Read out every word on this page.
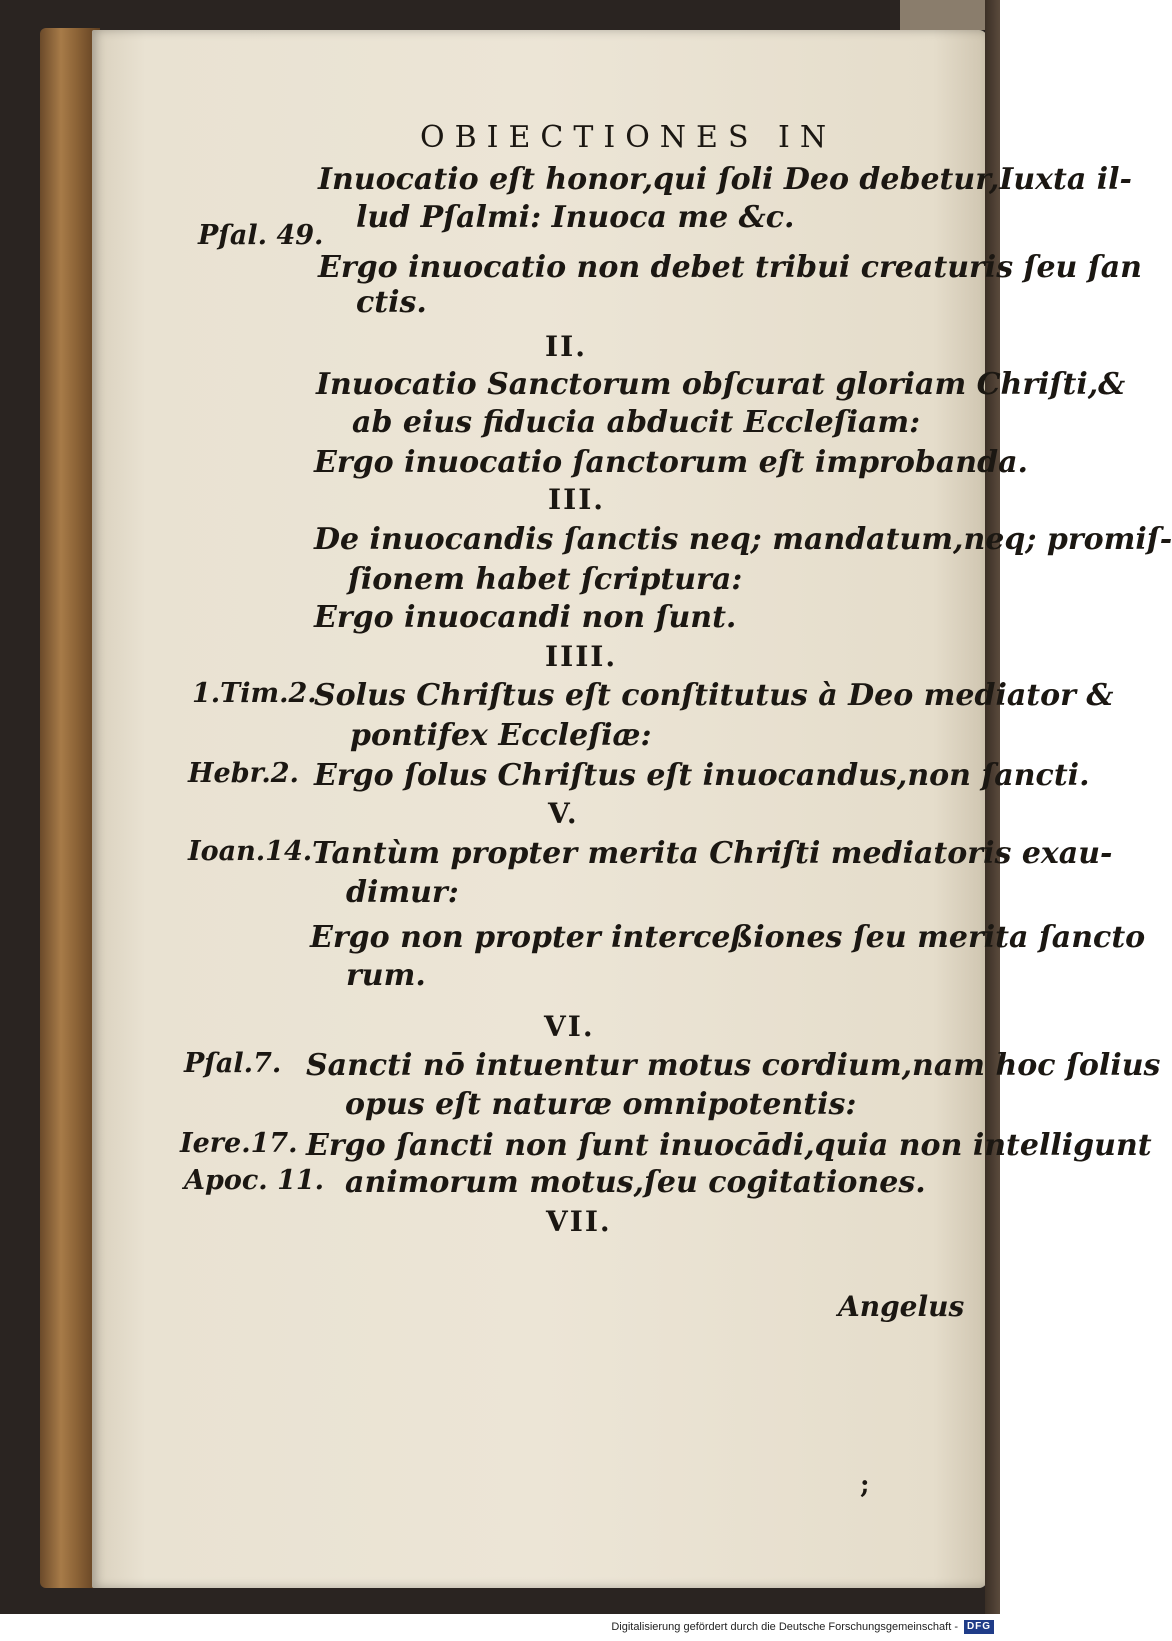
OBIECTIONES IN
Inuocatio eſt honor,qui ſoli Deo debetur,Iuxta il-
lud Pſalmi: Inuoca me &c.
Ergo inuocatio non debet tribui creaturis ſeu ſan
ctis.
II.
Inuocatio Sanctorum obſcurat gloriam Chriſti,&
ab eius fiducia abducit Eccleſiam:
Ergo inuocatio ſanctorum eſt improbanda.
III.
De inuocandis ſanctis neq; mandatum,neq; promiſ-
ſionem habet ſcriptura:
Ergo inuocandi non ſunt.
IIII.
Solus Chriſtus eſt conſtitutus à Deo mediator &
pontifex Eccleſiæ:
Ergo ſolus Chriſtus eſt inuocandus,non ſancti.
V.
Tantùm propter merita Chriſti mediatoris exau-
dimur:
Ergo non propter interceßiones ſeu merita ſancto
rum.
VI.
Sancti nō intuentur motus cordium,nam hoc ſolius
opus eſt naturæ omnipotentis:
Ergo ſancti non ſunt inuocādi,quia non intelligunt
animorum motus,ſeu cogitationes.
VII.
Pſal. 49.
1.Tim.2.
Hebr.2.
Ioan.14.
Pſal.7.
Iere.17.
Apoc. 11.
Angelus
;
Digitalisierung gefördert durch die Deutsche Forschungsgemeinschaft - DFG
